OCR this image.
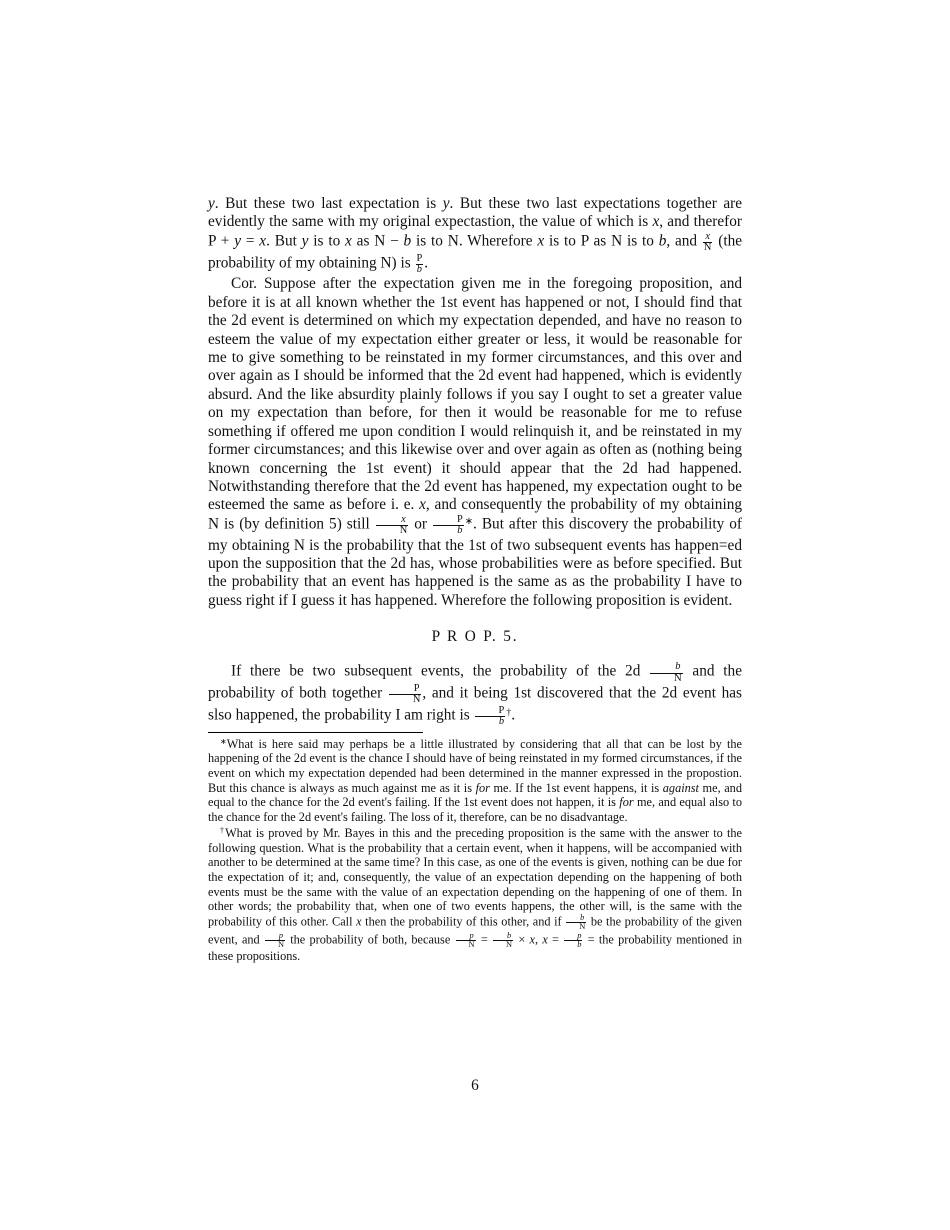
y. But these two last expectation is y. But these two last expectations together are evidently the same with my original expectastion, the value of which is x, and therefor P + y = x. But y is to x as N − b is to N. Wherefore x is to P as N is to b, and $\frac{x}{N} (the$ probability of my obtaining N) is $\frac{P}{b}$ .

Cor. Suppose after the expectation given me in the foregoing proposition, and before it is at all known whether the 1st event has happened or not, I should find that the 2d event is determined on which my expectation depended, and have no reason to esteem the value of my expectation either greater or less, it would be reasonable for me to give something to be reinstated in my former circumstances, and this over and over again as I should be informed that the 2d event had happened, which is evidently absurd. And the like absurdity plainly follows if you say I ought to set a greater value on my expectation than before, for then it would be reasonable for me to refuse something if offered me upon condition I would relinquish it, and be reinstated in my former circumstances; and this likewise over and over again as often as (nothing being known concerning the 1st event) it should appear that the 2d had happened. Notwithstanding therefore that the 2d event has happened, my expectation ought to be esteemed the same as before i. e. x, and consequently the probability of my obtaining N is (by definition 5) still $\frac{x}{N}$ or $\frac{P}{b} ^∗$. But after this discovery the probability of my obtaining N is the probability that the 1st of two subsequent events has happen=ed upon the supposition that the 2d has, whose probabilities were as before specified. But the probability that an event has happened is the same as as the probability I have to guess right if I guess it has happened. Wherefore the following proposition is evident.

P R O P. 5.

If there be two subsequent events, the probability of the $2d \frac{b}{N}$ and the probability of both together $\frac{P}{N}$ , and it being 1st discovered that the 2d event has slso happened, the probability I am right is $\frac{P}{b} ^\dagger$.

∗What is here said may perhaps be a little illustrated by considering that all that can be lost by the happening of the 2d event is the chance I should have of being reinstated in my formed circumstances, if the event on which my expectation depended had been determined in the manner expressed in the propostion. But this chance is always as much against me as it is for me. If the 1st event happens, it is against me, and equal to the chance for the 2d event's failing. If the 1st event does not happen, it is for me, and equal also to the chance for the 2d event's failing. The loss of it, therefore, can be no disadvantage.

†What is proved by Mr. Bayes in this and the preceding proposition is the same with the answer to the following question. What is the probability that a certain event, when it happens, will be accompanied with another to be determined at the same time? In this case, as one of the events is given, nothing can be due for the expectation of it; and, consequently, the value of an expectation depending on the happening of both events must be the same with the value of an expectation depending on the happening of one of them. In other words; the probability that, when one of two events happens, the other will, is the same with the probability of this other. Call x then the probability of this other, and if $\frac{b}{N}$ be the probability of the given event, and $\frac{p}{N}$ the probability of both, because $\frac{p}{N} = \frac{b}{N} \times x$, $x = \frac{p}{b}$ = the probability mentioned in these propositions.

6
